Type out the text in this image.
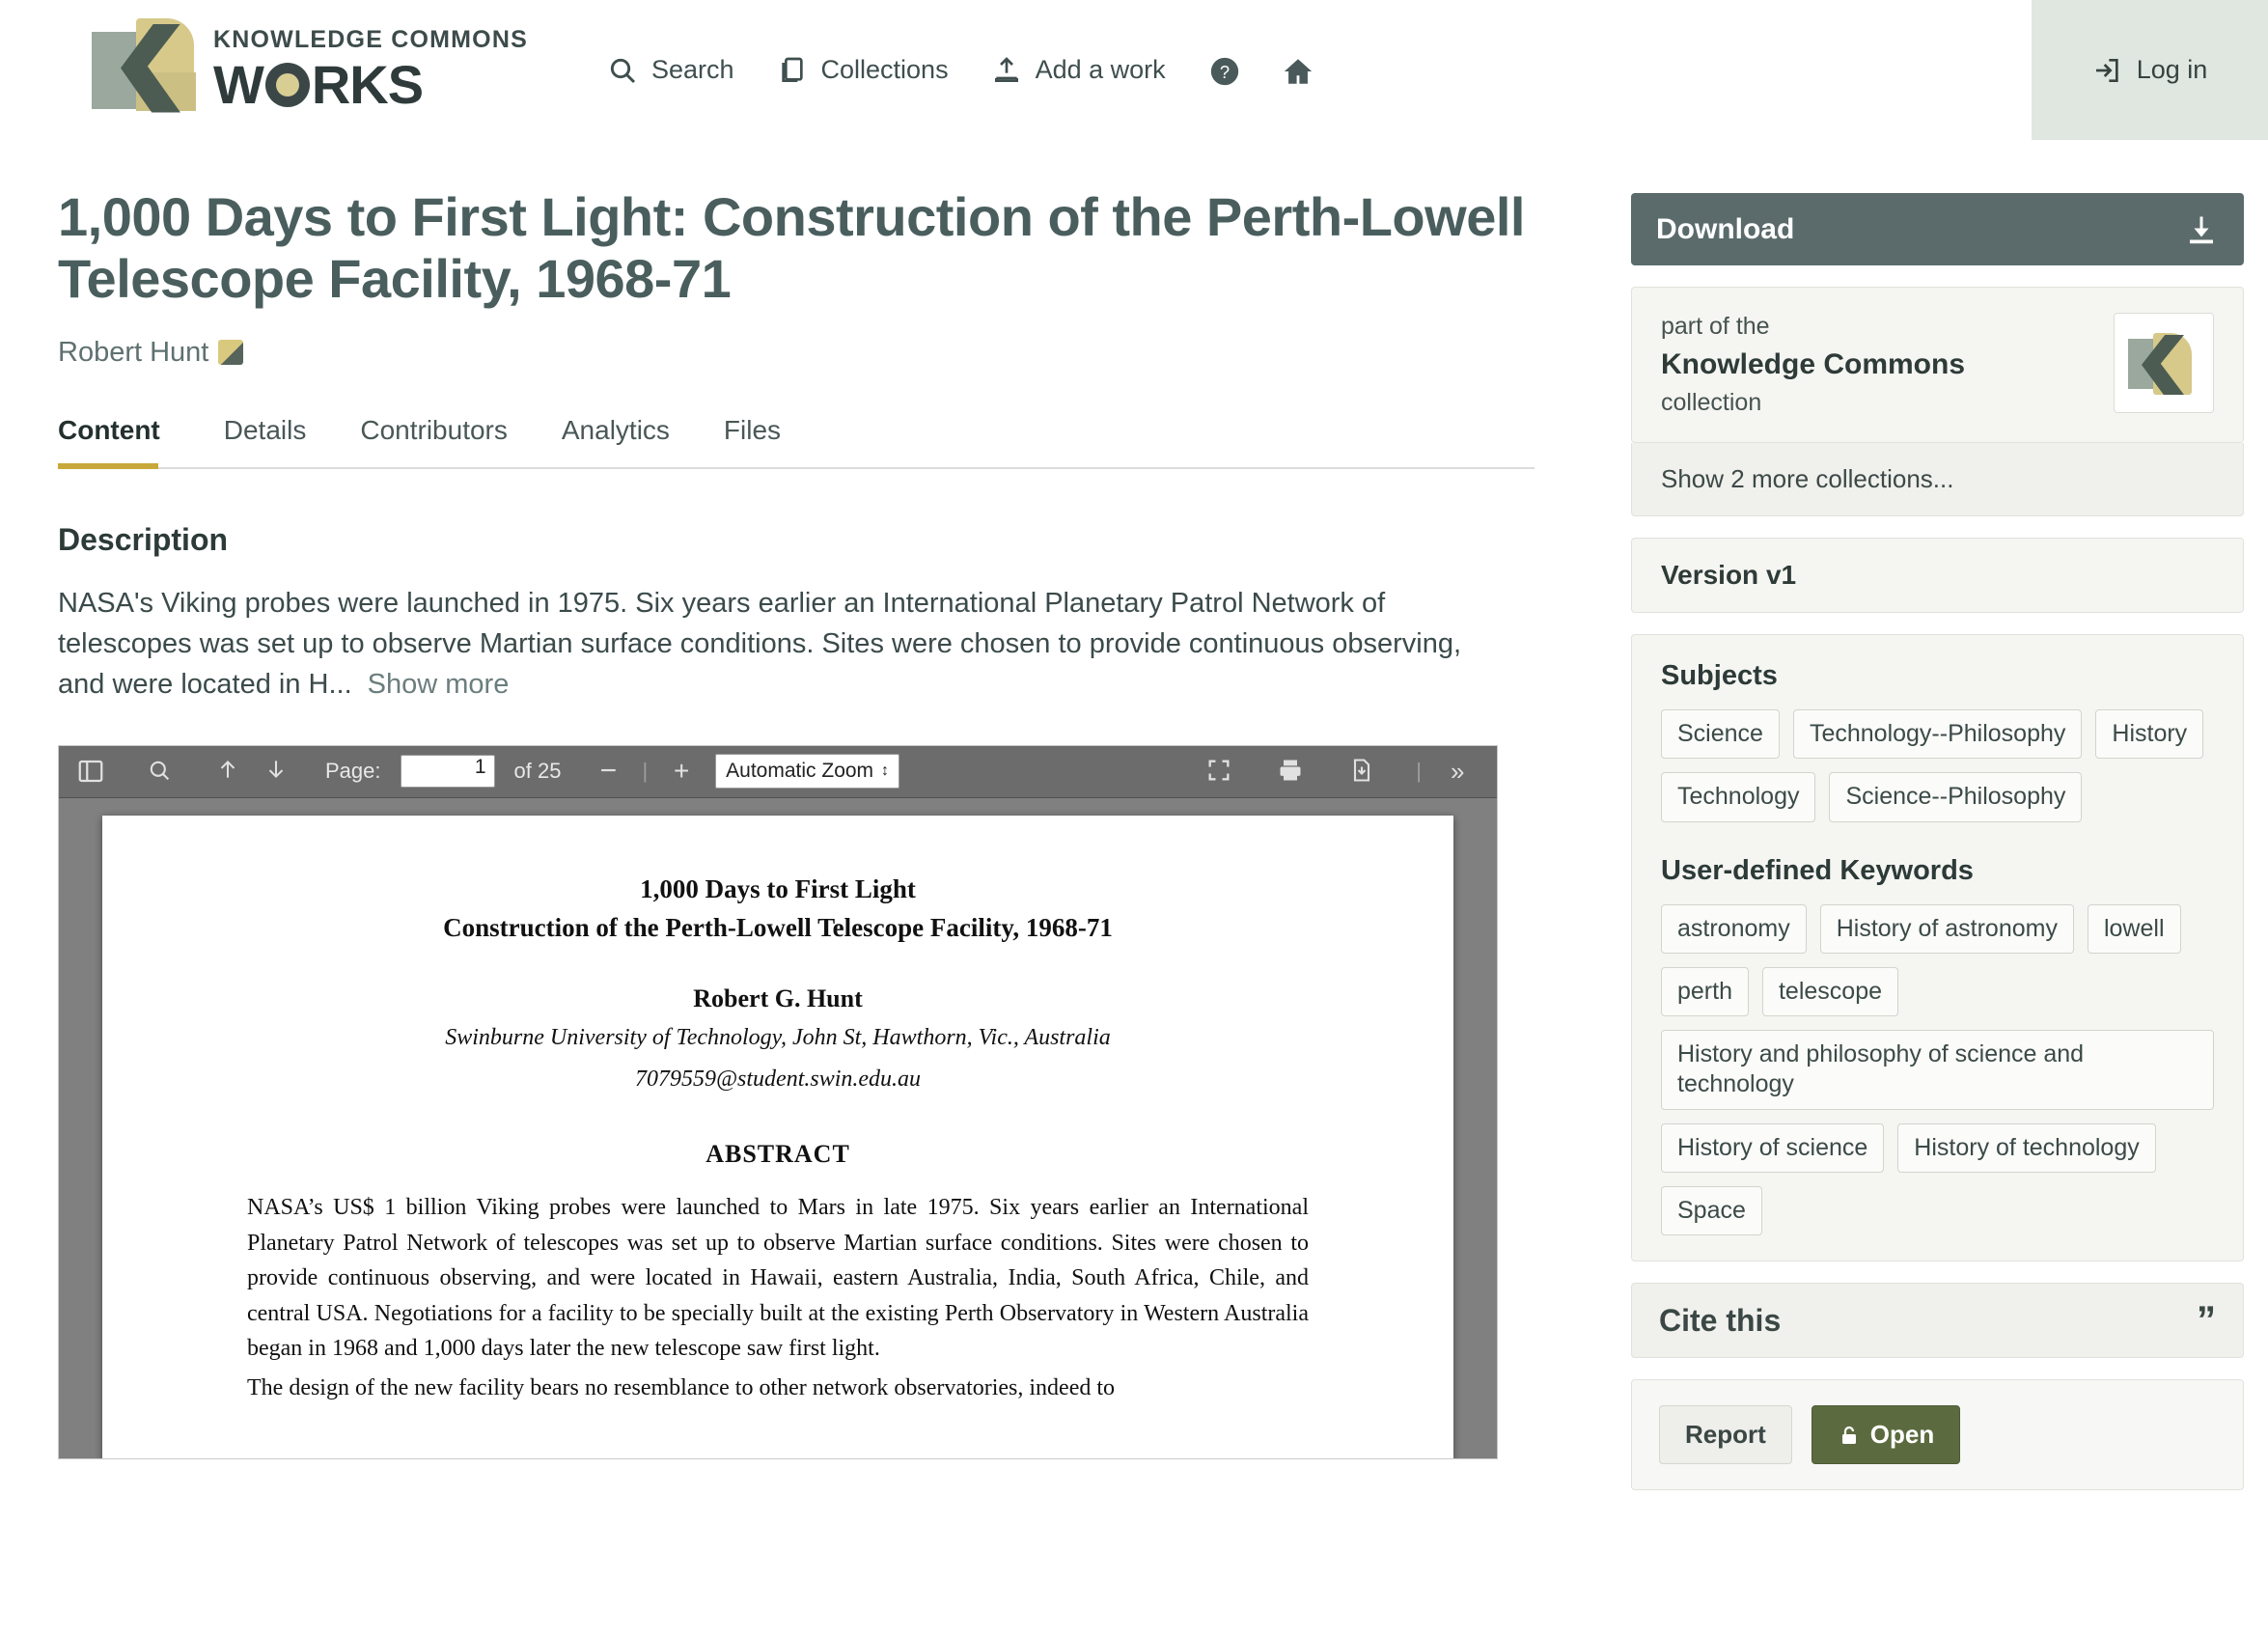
KNOWLEDGE COMMONS
W RKS	Search	Collections	Add a work	?	Log in
1,000 Days to First Light: Construction of the Perth-Lowell Telescope Facility, 1968-71
Robert Hunt
Content	Details	Contributors	Analytics	Files
Description
NASA's Viking probes were launched in 1975. Six years earlier an International Planetary Patrol Network of telescopes was set up to observe Martian surface conditions. Sites were chosen to provide continuous observing, and were located in H... Show more
Page:	1	of 25 − | +	Automatic Zoom ↕	| »
1,000 Days to First Light
Construction of the Perth-Lowell Telescope Facility, 1968-71
Robert G. Hunt
Swinburne University of Technology, John St, Hawthorn, Vic., Australia
7079559@student.swin.edu.au
ABSTRACT
NASA’s US$ 1 billion Viking probes were launched to Mars in late 1975. Six years earlier an International Planetary Patrol Network of telescopes was set up to observe Martian surface conditions. Sites were chosen to provide continuous observing, and were located in Hawaii, eastern Australia, India, South Africa, Chile, and central USA. Negotiations for a facility to be specially built at the existing Perth Observatory in Western Australia began in 1968 and 1,000 days later the new telescope saw first light.
The design of the new facility bears no resemblance to other network observatories, indeed to
Download
part of the
Knowledge Commons
collection
Show 2 more collections...
Version v1
Subjects
Science	Technology--Philosophy	History
Technology	Science--Philosophy
User-defined Keywords
astronomy	History of astronomy	lowell
perth	telescope
History and philosophy of science and technology
History of science	History of technology
Space
Cite this	”
Report	Open
